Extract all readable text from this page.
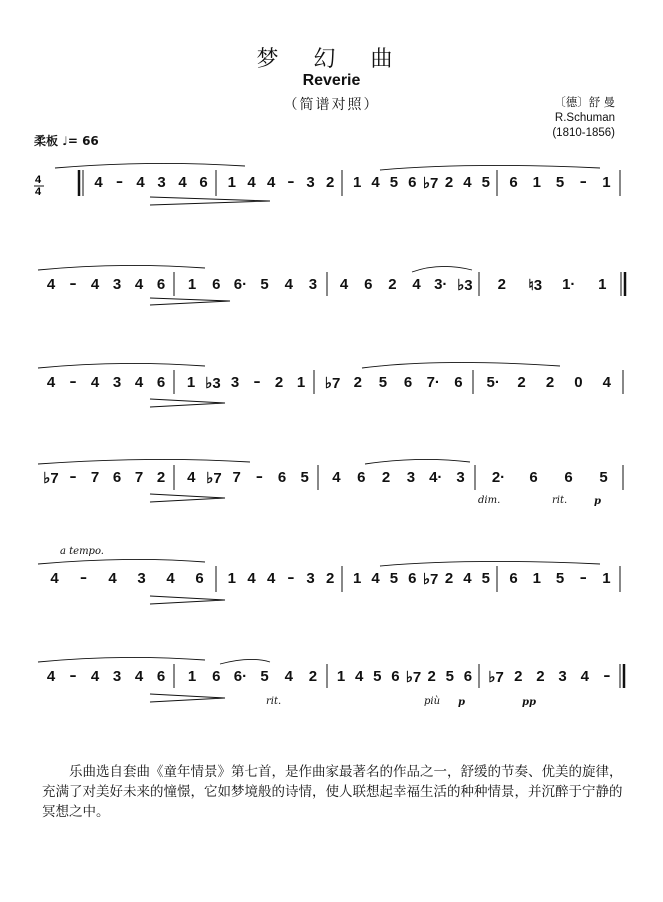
梦 幻 曲
Reverie
（简谱对照）	〔德〕舒 曼
R.Schuman
(1810-1856)
柔板 ♩= 66
4
4
4 – 4 3 4 6 1 4 4 – 3 2 1 4 5 6 ♭7 2 4 5 6 1 5 – 1
4 – 4 3 4 6 1 6 6· 5 4 3 4 6 2 4 3· ♭3 2 ♮3 1· 1
4 – 4 3 4 6 1 ♭3 3 – 2 1 ♭7 2 5 6 7· 6 5· 2 2 0 4
♭7 – 7 6 7 2 4 ♭7 7 – 6 5 4 6 2 3 4· 3 2· 6 6 5
4 – 4 3 4 6 1 4 4 – 3 2 1 4 5 6 ♭7 2 4 5 6 1 5 – 1
4 – 4 3 4 6 1 6 6· 5 4 2 1 4 5 6 ♭7 2 5 6 ♭7 2 2 3 4 –
dim.	rit.	p
a tempo.
rit.	più p	pp

乐曲选自套曲《童年情景》第七首，是作曲家最著名的作品之一，舒缓的节奏、优美的旋律，充满了对美好未来的憧憬，它如梦境般的诗情，使人联想起幸福生活的种种情景，并沉醉于宁静的冥想之中。
